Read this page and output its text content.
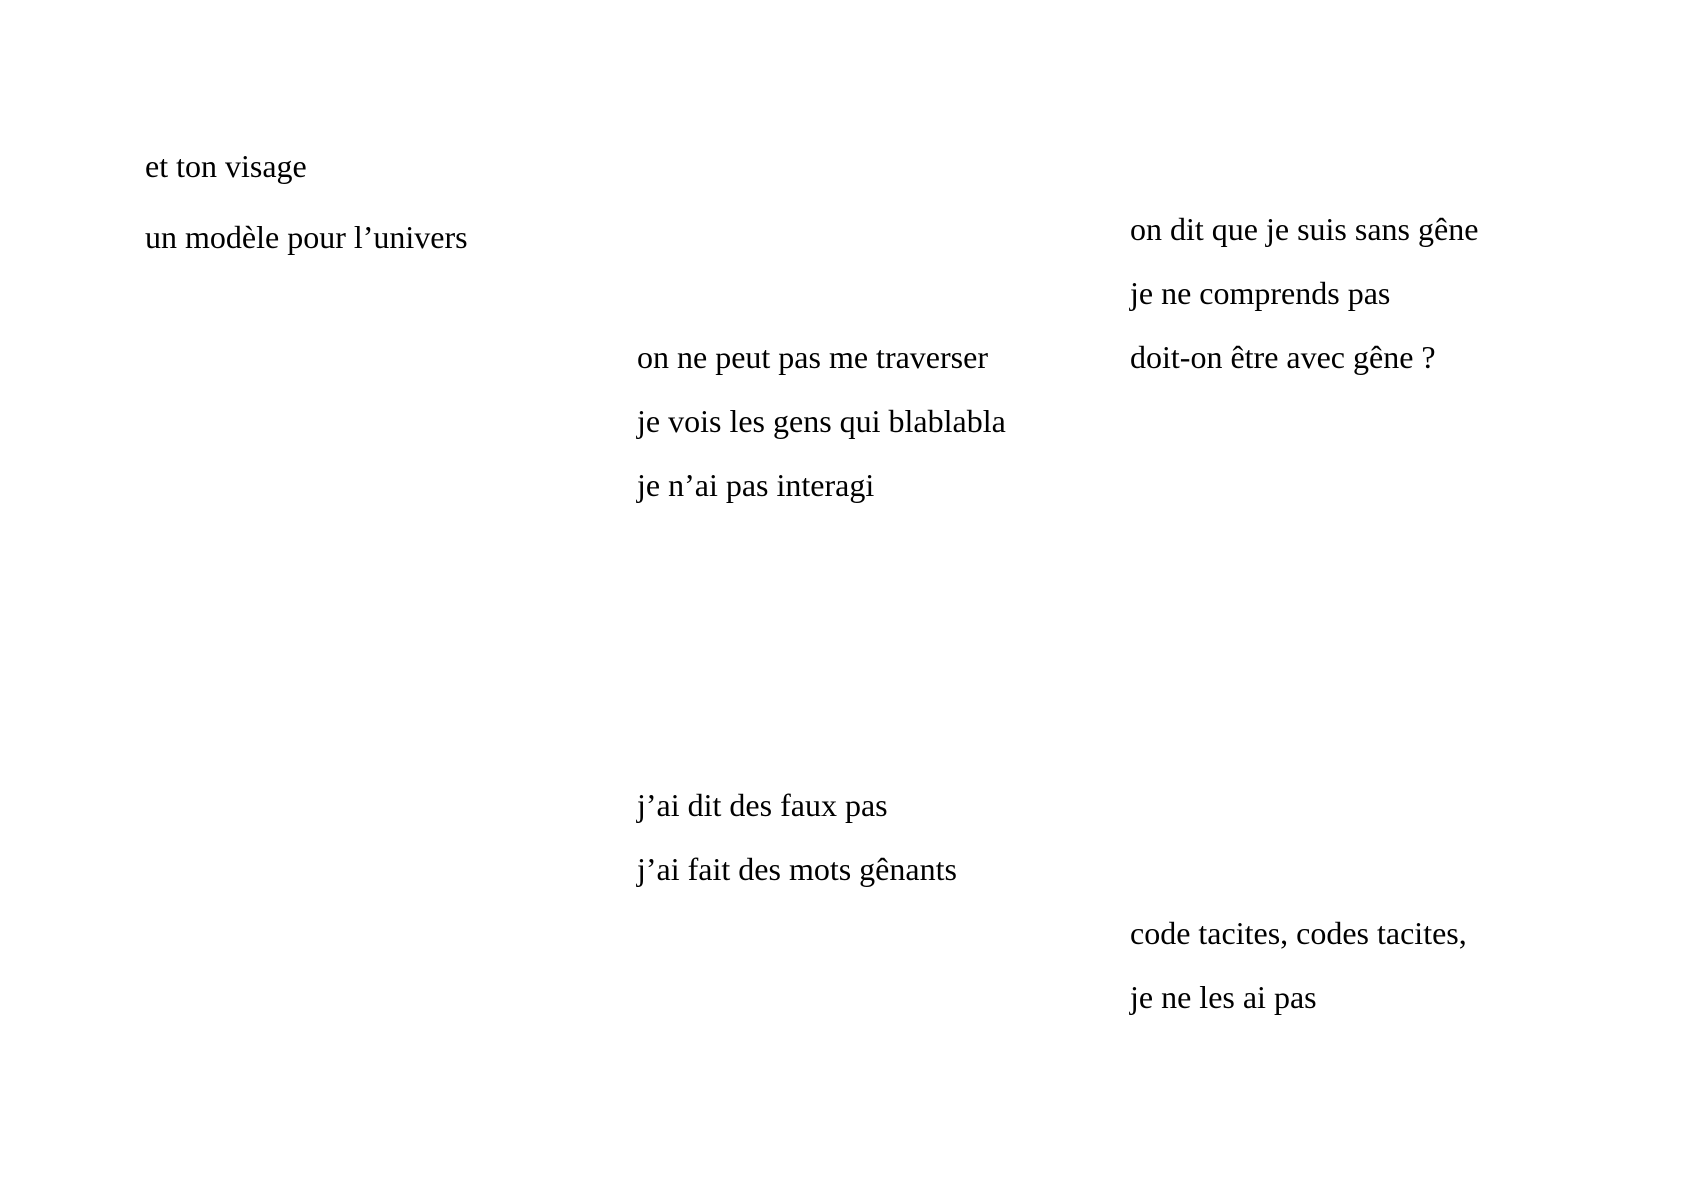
et ton visage

un modèle pour l’univers	on dit que je suis sans gêne

je ne comprends pas

doit-on être avec gêne ?

on ne peut pas me traverser

je vois les gens qui blablabla

je n’ai pas interagi

j’ai dit des faux pas

j’ai fait des mots gênants

code tacites, codes tacites,

je ne les ai pas
